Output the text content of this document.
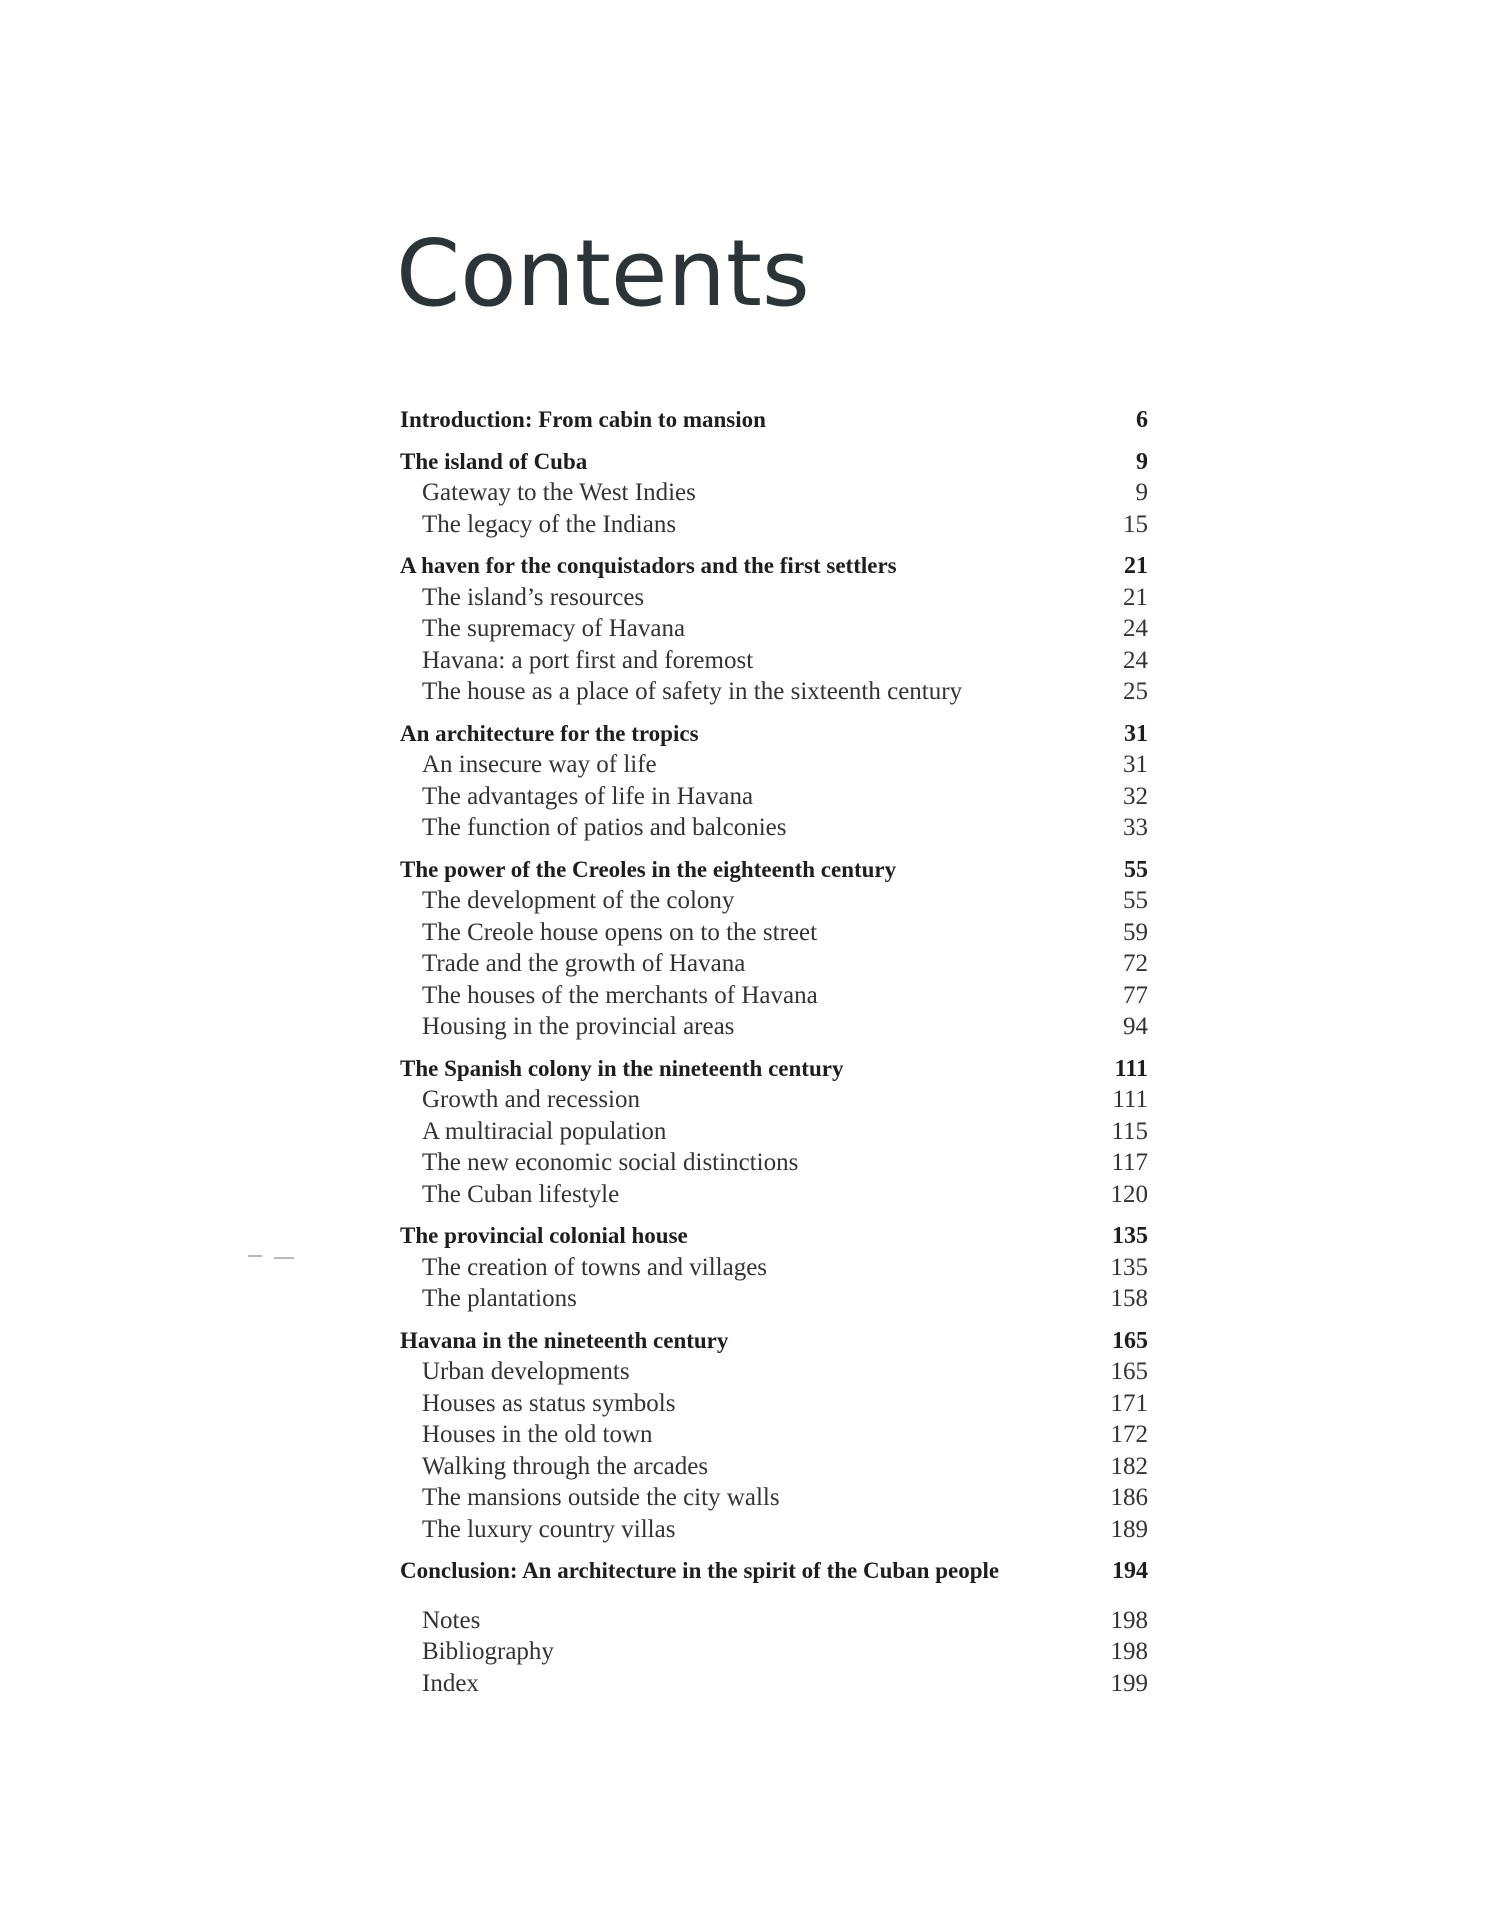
Contents
Introduction: From cabin to mansion	6
The island of Cuba	9
Gateway to the West Indies	9
The legacy of the Indians	15
A haven for the conquistadors and the first settlers	21
The island’s resources	21
The supremacy of Havana	24
Havana: a port first and foremost	24
The house as a place of safety in the sixteenth century	25
An architecture for the tropics	31
An insecure way of life	31
The advantages of life in Havana	32
The function of patios and balconies	33
The power of the Creoles in the eighteenth century	55
The development of the colony	55
The Creole house opens on to the street	59
Trade and the growth of Havana	72
The houses of the merchants of Havana	77
Housing in the provincial areas	94
The Spanish colony in the nineteenth century	111
Growth and recession	111
A multiracial population	115
The new economic social distinctions	117
The Cuban lifestyle	120
The provincial colonial house	135
The creation of towns and villages	135
The plantations	158
Havana in the nineteenth century	165
Urban developments	165
Houses as status symbols	171
Houses in the old town	172
Walking through the arcades	182
The mansions outside the city walls	186
The luxury country villas	189
Conclusion: An architecture in the spirit of the Cuban people	194
Notes	198
Bibliography	198
Index	199
